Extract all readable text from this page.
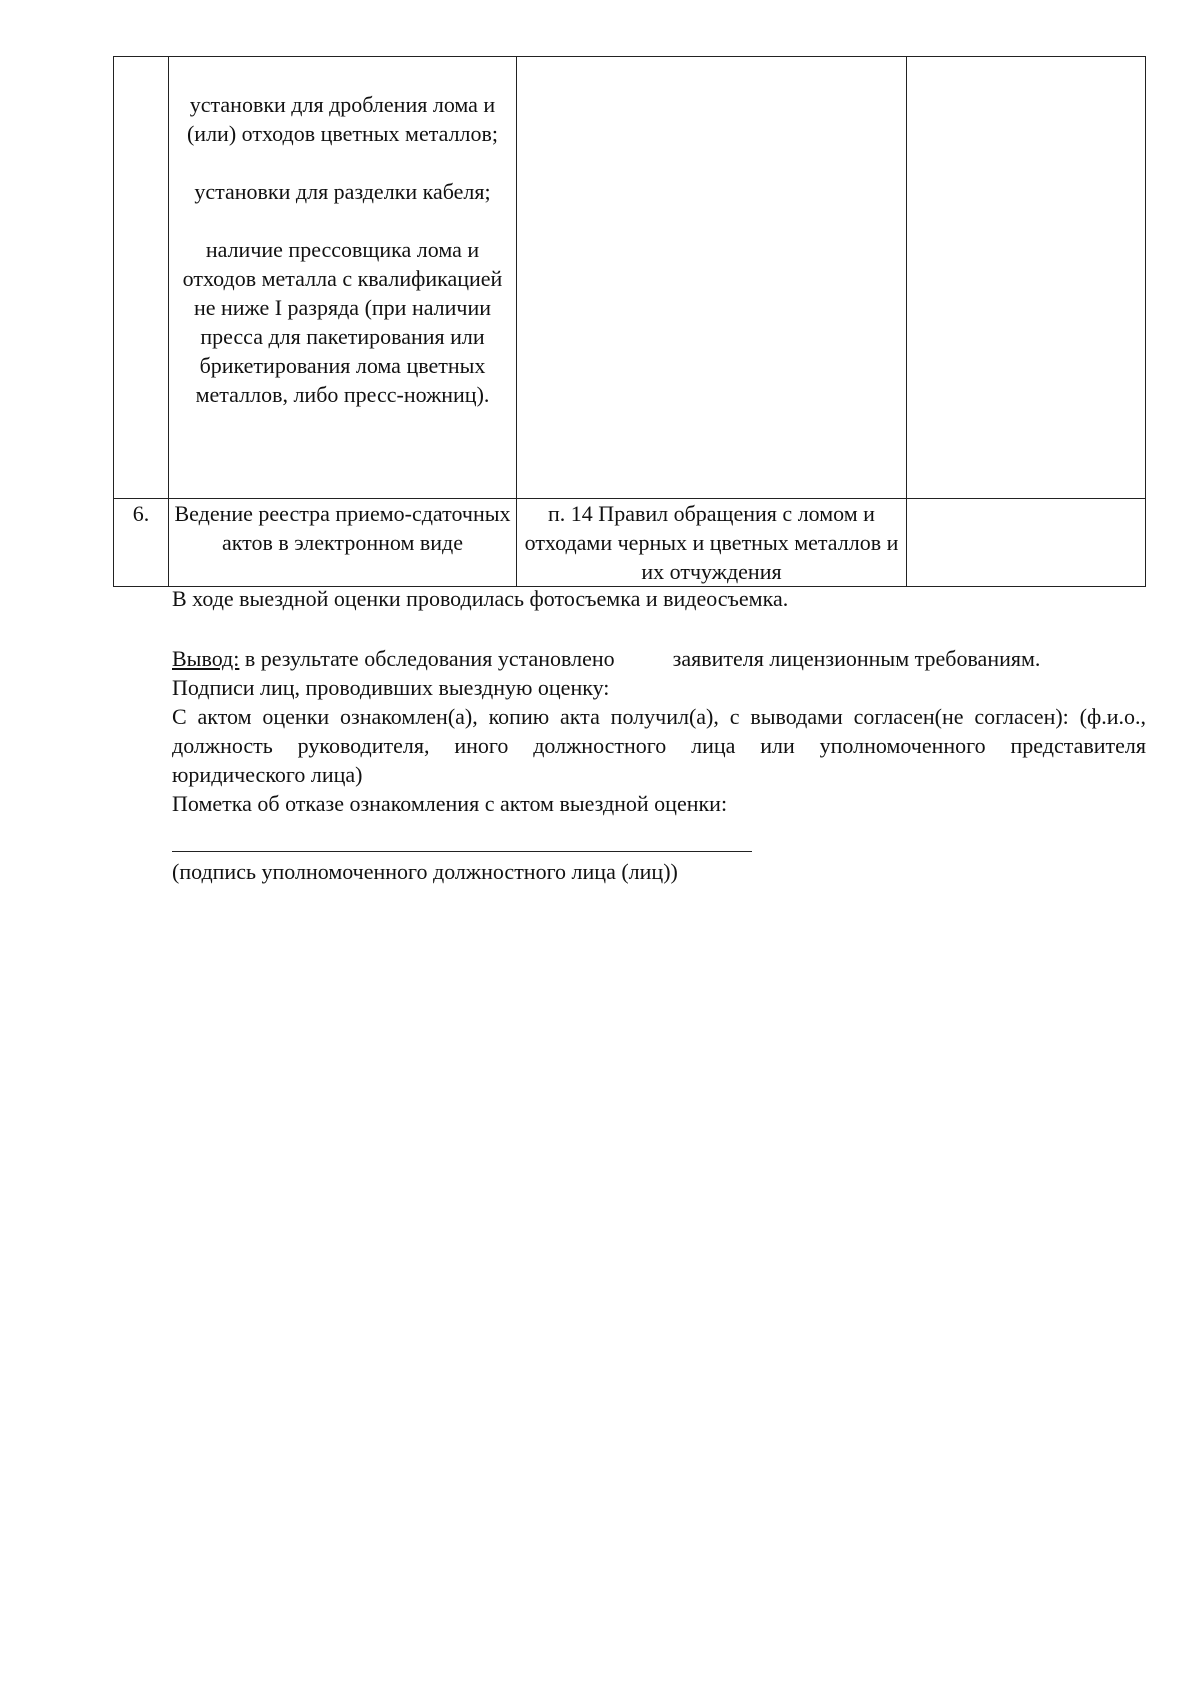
	установки для дробления лома и (или) отходов цветных металлов;

установки для разделки кабеля;

наличие прессовщика лома и отходов металла с квалификацией не ниже I разряда (при наличии пресса для пакетирования или брикетирования лома цветных металлов, либо пресс-ножниц).		

6.	Ведение реестра приемо-сдаточных актов в электронном виде	п. 14 Правил обращения с ломом и отходами черных и цветных металлов и их отчуждения	
В ходе выездной оценки проводилась фотосъемка и видеосъемка.
Вывод: в результате обследования установлено	заявителя лицензионным требованиям.
Подписи лиц, проводивших выездную оценку:
С актом оценки ознакомлен(а), копию акта получил(а), с выводами согласен(не согласен): (ф.и.о., должность руководителя, иного должностного лица или уполномоченного представителя юридического лица)
Пометка об отказе ознакомления с актом выездной оценки:
(подпись уполномоченного должностного лица (лиц))
